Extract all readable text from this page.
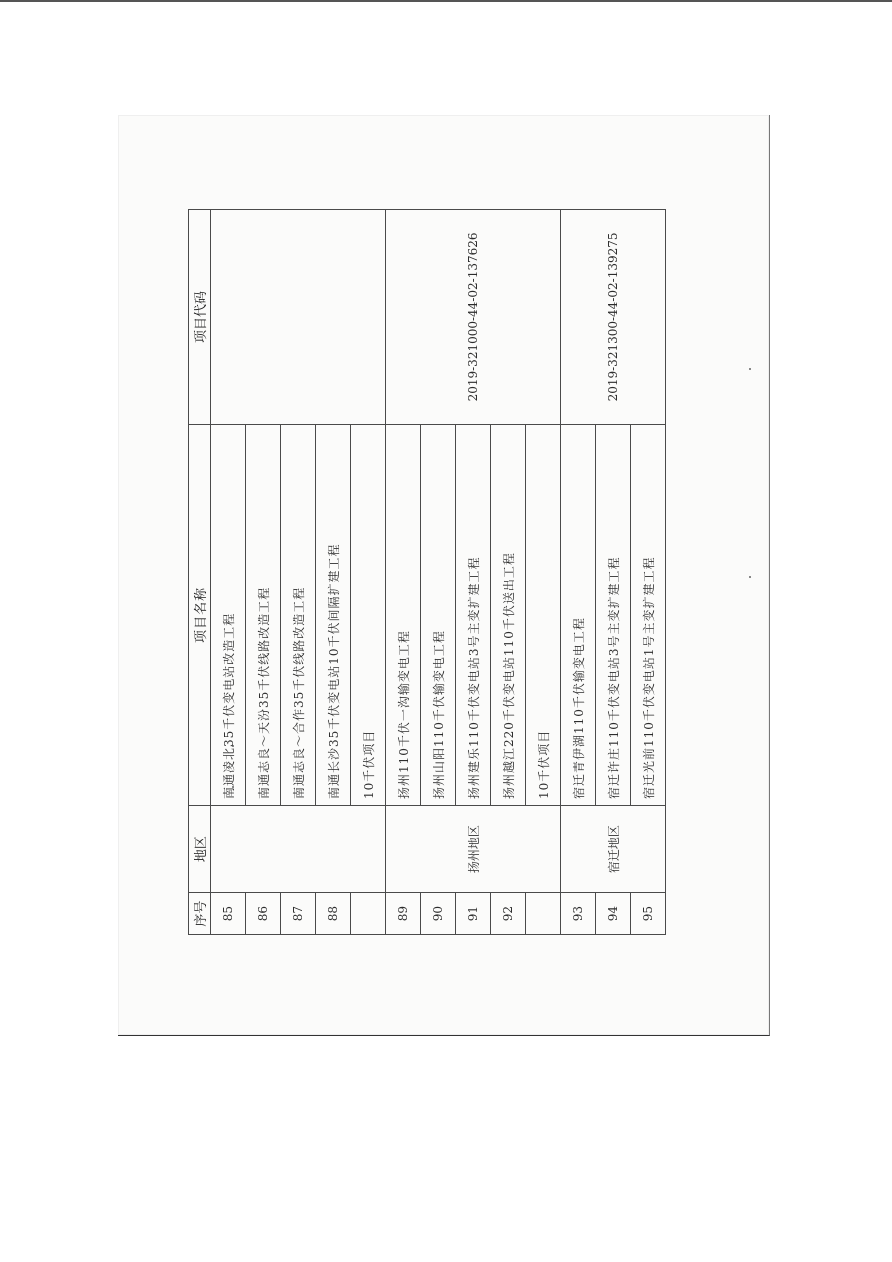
序号	地区	项目名称	项目代码
85		南通凌北35千伏变电站改造工程	
86		南通志良～天汾35千伏线路改造工程	
87		南通志良～合作35千伏线路改造工程	
88		南通长沙35千伏变电站10千伏间隔扩建工程	
		10千伏项目	
89	扬州地区	扬州110千伏一沟输变电工程	2019-321000-44-02-137626
90		扬州山阳110千伏输变电工程	
91		扬州建乐110千伏变电站3号主变扩建工程	
92		扬州越江220千伏变电站110千伏送出工程	
		10千伏项目	
93	宿迁地区	宿迁青伊湖110千伏输变电工程	2019-321300-44-02-139275
94		宿迁许庄110千伏变电站3号主变扩建工程	
95		宿迁光前110千伏变电站1号主变扩建工程	
